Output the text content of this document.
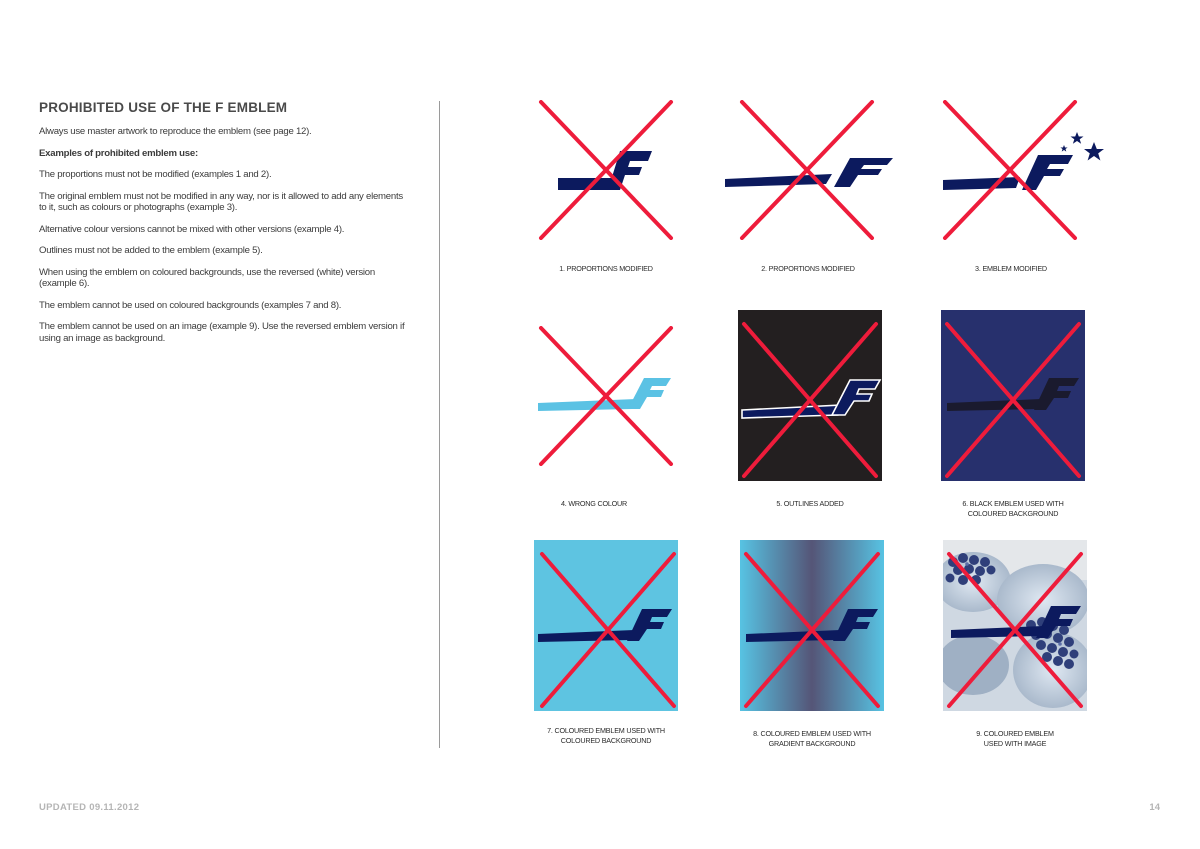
PROHIBITED USE OF THE F EMBLEM

Always use master artwork to reproduce the emblem (see page 12).

Examples of prohibited emblem use:

The proportions must not be modified (examples 1 and 2).

The original emblem must not be modified in any way, nor is it allowed to add any elements to it, such as colours or photographs (example 3).

Alternative colour versions cannot be mixed with other versions (example 4).

Outlines must not be added to the emblem (example 5).

When using the emblem on coloured backgrounds, use the reversed (white) version (example 6).

The emblem cannot be used on coloured backgrounds (examples 7 and 8).

The emblem cannot be used on an image (example 9). Use the reversed emblem version if using an image as background.

1. PROPORTIONS MODIFIED	2. PROPORTIONS MODIFIED	3. EMBLEM MODIFIED
4. WRONG COLOUR	5. OUTLINES ADDED	6. BLACK EMBLEM USED WITH
COLOURED BACKGROUND
7. COLOURED EMBLEM USED WITH
COLOURED BACKGROUND
8. COLOURED EMBLEM USED WITH
GRADIENT BACKGROUND
9. COLOURED EMBLEM
USED WITH IMAGE
UPDATED 09.11.2012	14
